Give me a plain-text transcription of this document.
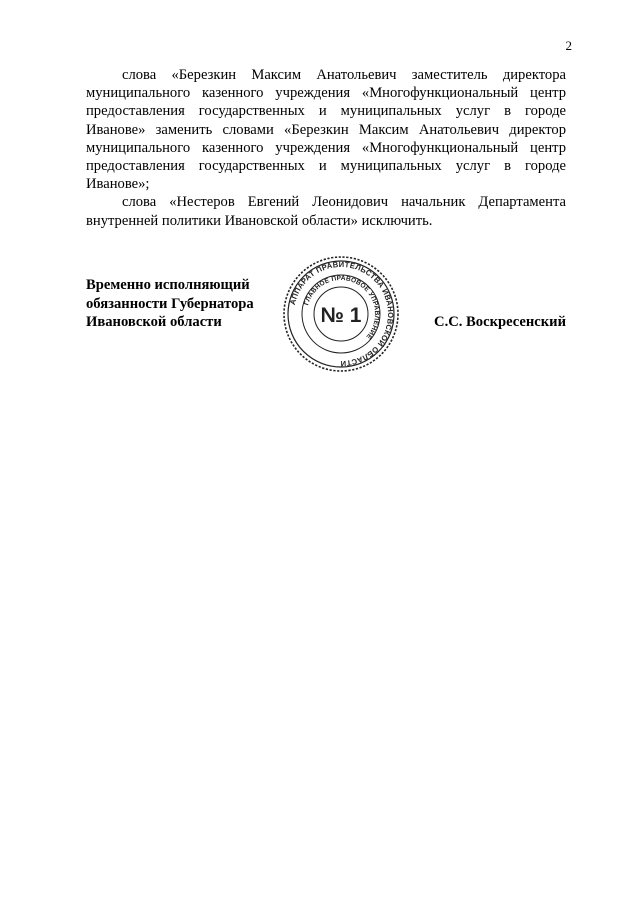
2

слова «Березкин Максим Анатольевич заместитель директора муниципального казенного учреждения «Многофункциональный центр предоставления государственных и муниципальных услуг в городе Иванове» заменить словами «Березкин Максим Анатольевич директор муниципального казенного учреждения «Многофункциональный центр предоставления государственных и муниципальных услуг в городе Иванове»;

слова «Нестеров Евгений Леонидович начальник Департамента внутренней политики Ивановской области» исключить.

Временно исполняющий
обязанности Губернатора
Ивановской области	С.С. Воскресенский
АППАРАТ ПРАВИТЕЛЬСТВА ИВАНОВСКОЙ ОБЛАСТИ
ГЛАВНОЕ ПРАВОВОЕ УПРАВЛЕНИЕ
№ 1
